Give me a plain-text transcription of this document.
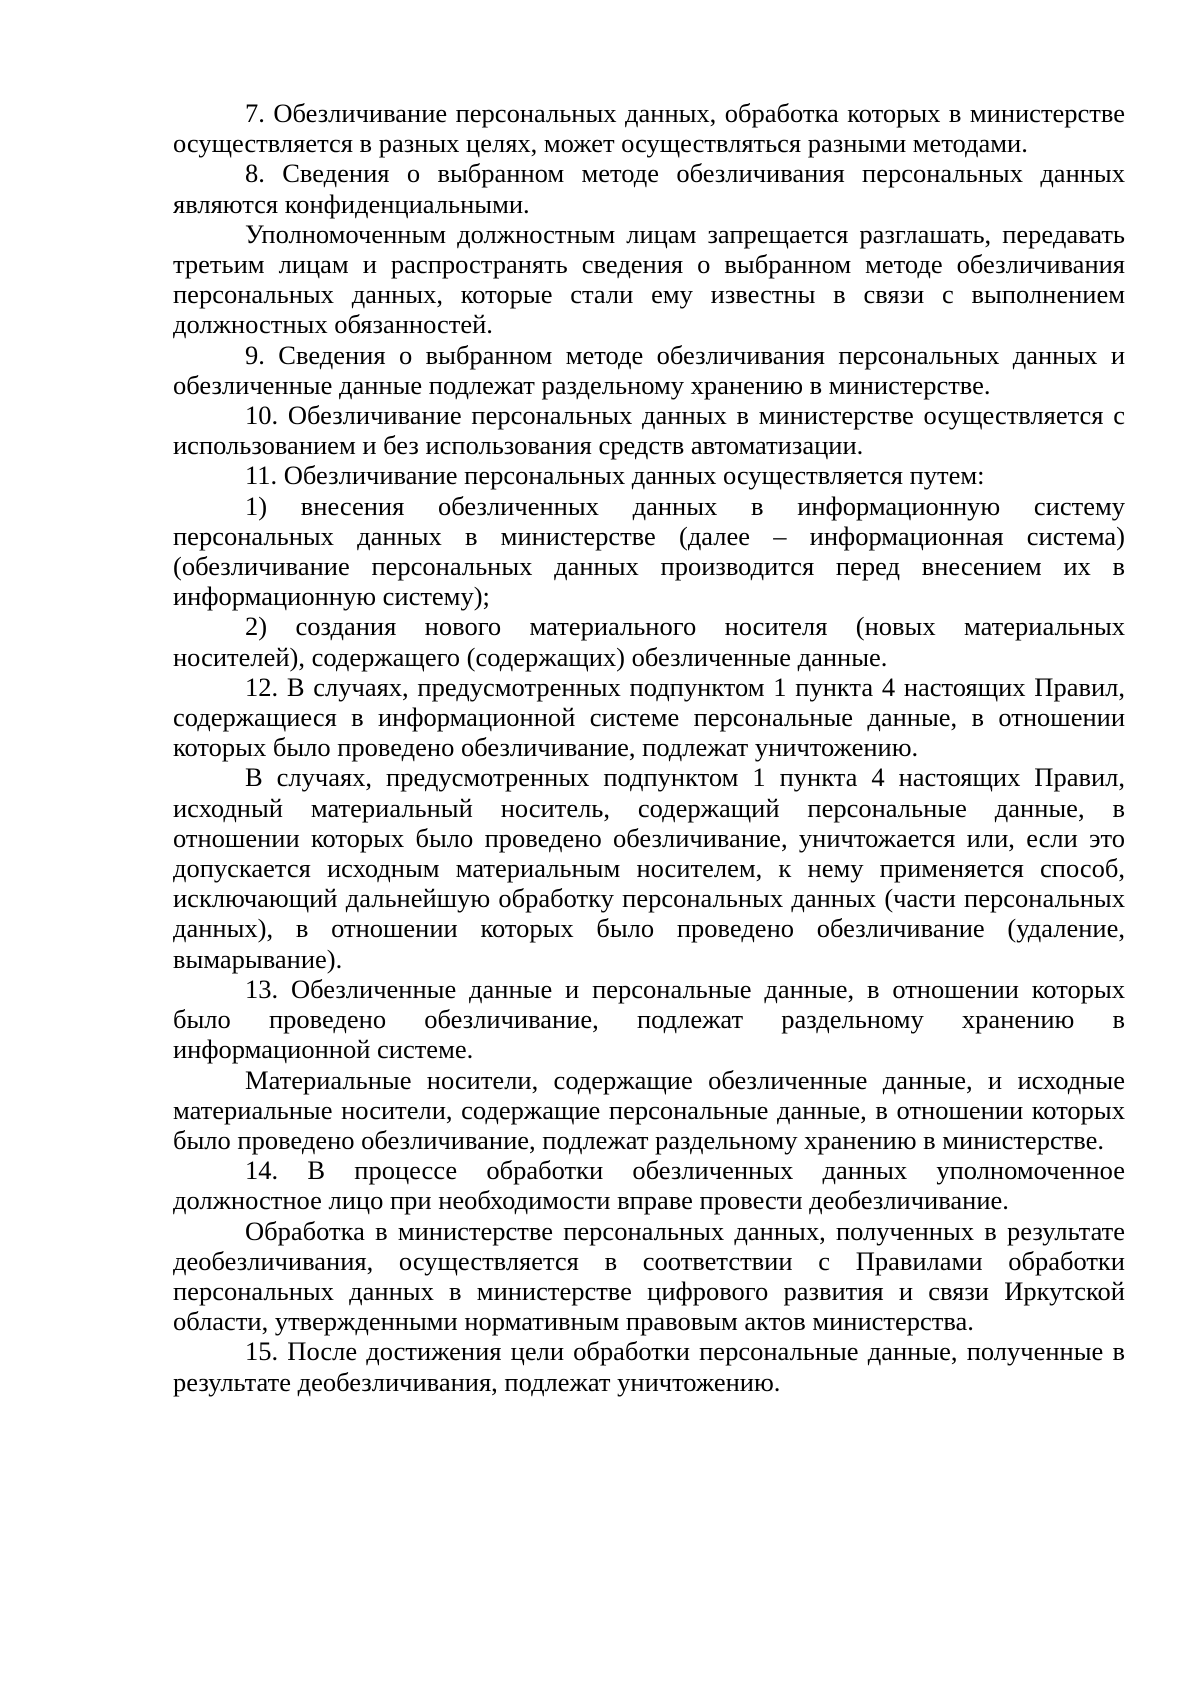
7. Обезличивание персональных данных, обработка которых в министерстве осуществляется в разных целях, может осуществляться разными методами.

8. Сведения о выбранном методе обезличивания персональных данных являются конфиденциальными.

Уполномоченным должностным лицам запрещается разглашать, передавать третьим лицам и распространять сведения о выбранном методе обезличивания персональных данных, которые стали ему известны в связи с выполнением должностных обязанностей.

9. Сведения о выбранном методе обезличивания персональных данных и обезличенные данные подлежат раздельному хранению в министерстве.

10. Обезличивание персональных данных в министерстве осуществляется с использованием и без использования средств автоматизации.

11. Обезличивание персональных данных осуществляется путем:

1) внесения обезличенных данных в информационную систему персональных данных в министерстве (далее – информационная система) (обезличивание персональных данных производится перед внесением их в информационную систему);

2) создания нового материального носителя (новых материальных носителей), содержащего (содержащих) обезличенные данные.

12. В случаях, предусмотренных подпунктом 1 пункта 4 настоящих Правил, содержащиеся в информационной системе персональные данные, в отношении которых было проведено обезличивание, подлежат уничтожению.

В случаях, предусмотренных подпунктом 1 пункта 4 настоящих Правил, исходный материальный носитель, содержащий персональные данные, в отношении которых было проведено обезличивание, уничтожается или, если это допускается исходным материальным носителем, к нему применяется способ, исключающий дальнейшую обработку персональных данных (части персональных данных), в отношении которых было проведено обезличивание (удаление, вымарывание).

13. Обезличенные данные и персональные данные, в отношении которых было проведено обезличивание, подлежат раздельному хранению в информационной системе.

Материальные носители, содержащие обезличенные данные, и исходные материальные носители, содержащие персональные данные, в отношении которых было проведено обезличивание, подлежат раздельному хранению в министерстве.

14. В процессе обработки обезличенных данных уполномоченное должностное лицо при необходимости вправе провести деобезличивание.

Обработка в министерстве персональных данных, полученных в результате деобезличивания, осуществляется в соответствии с Правилами обработки персональных данных в министерстве цифрового развития и связи Иркутской области, утвержденными нормативным правовым актов министерства.

15. После достижения цели обработки персональные данные, полученные в результате деобезличивания, подлежат уничтожению.
